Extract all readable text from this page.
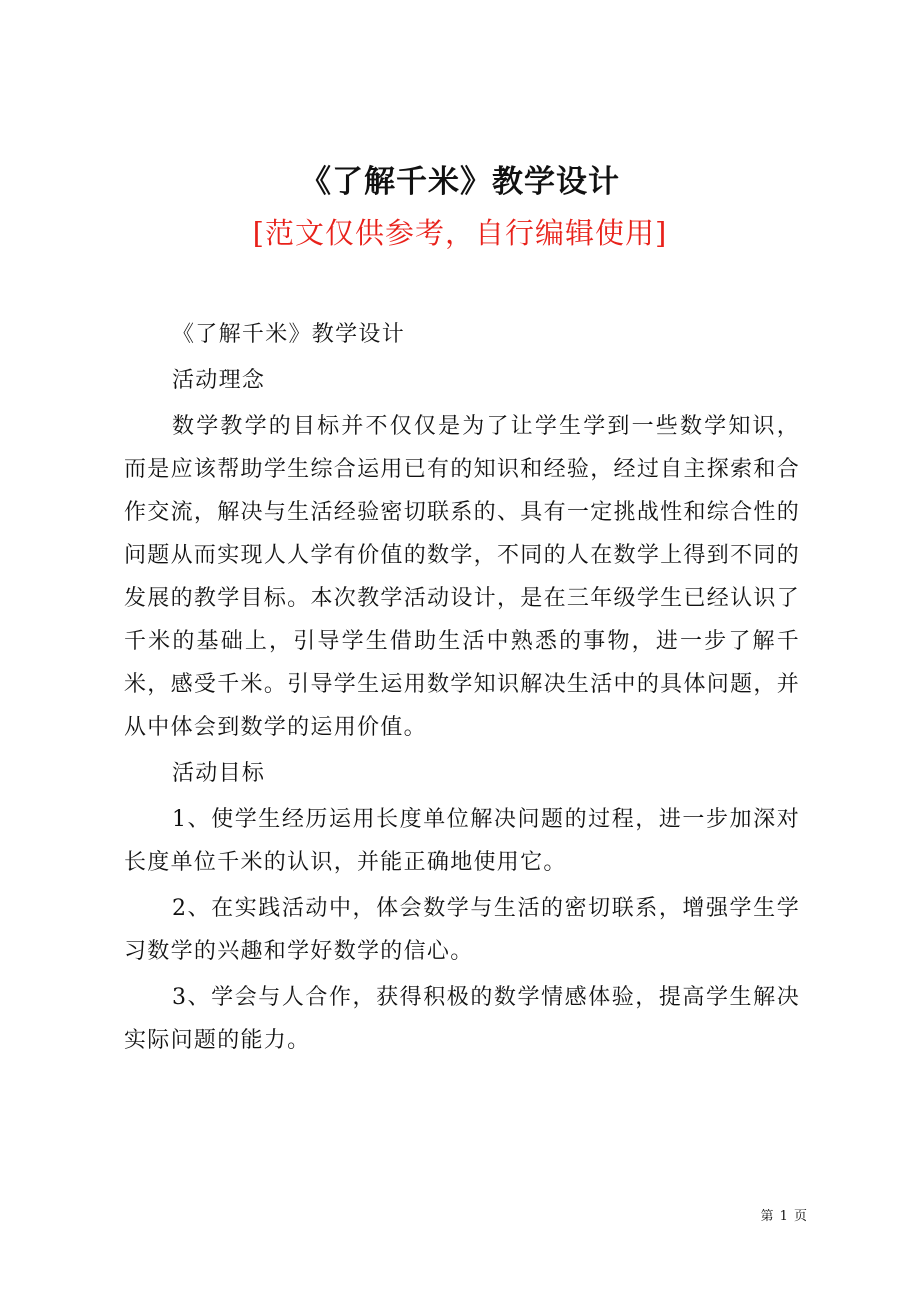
《了解千米》教学设计
[范文仅供参考，自行编辑使用]

《了解千米》教学设计

活动理念

数学教学的目标并不仅仅是为了让学生学到一些数学知识，而是应该帮助学生综合运用已有的知识和经验，经过自主探索和合作交流，解决与生活经验密切联系的、具有一定挑战性和综合性的问题从而实现人人学有价值的数学，不同的人在数学上得到不同的发展的教学目标。本次教学活动设计，是在三年级学生已经认识了千米的基础上，引导学生借助生活中熟悉的事物，进一步了解千米，感受千米。引导学生运用数学知识解决生活中的具体问题，并从中体会到数学的运用价值。

活动目标

1、使学生经历运用长度单位解决问题的过程，进一步加深对长度单位千米的认识，并能正确地使用它。

2、在实践活动中，体会数学与生活的密切联系，增强学生学习数学的兴趣和学好数学的信心。

3、学会与人合作，获得积极的数学情感体验，提高学生解决实际问题的能力。

第 1 页
